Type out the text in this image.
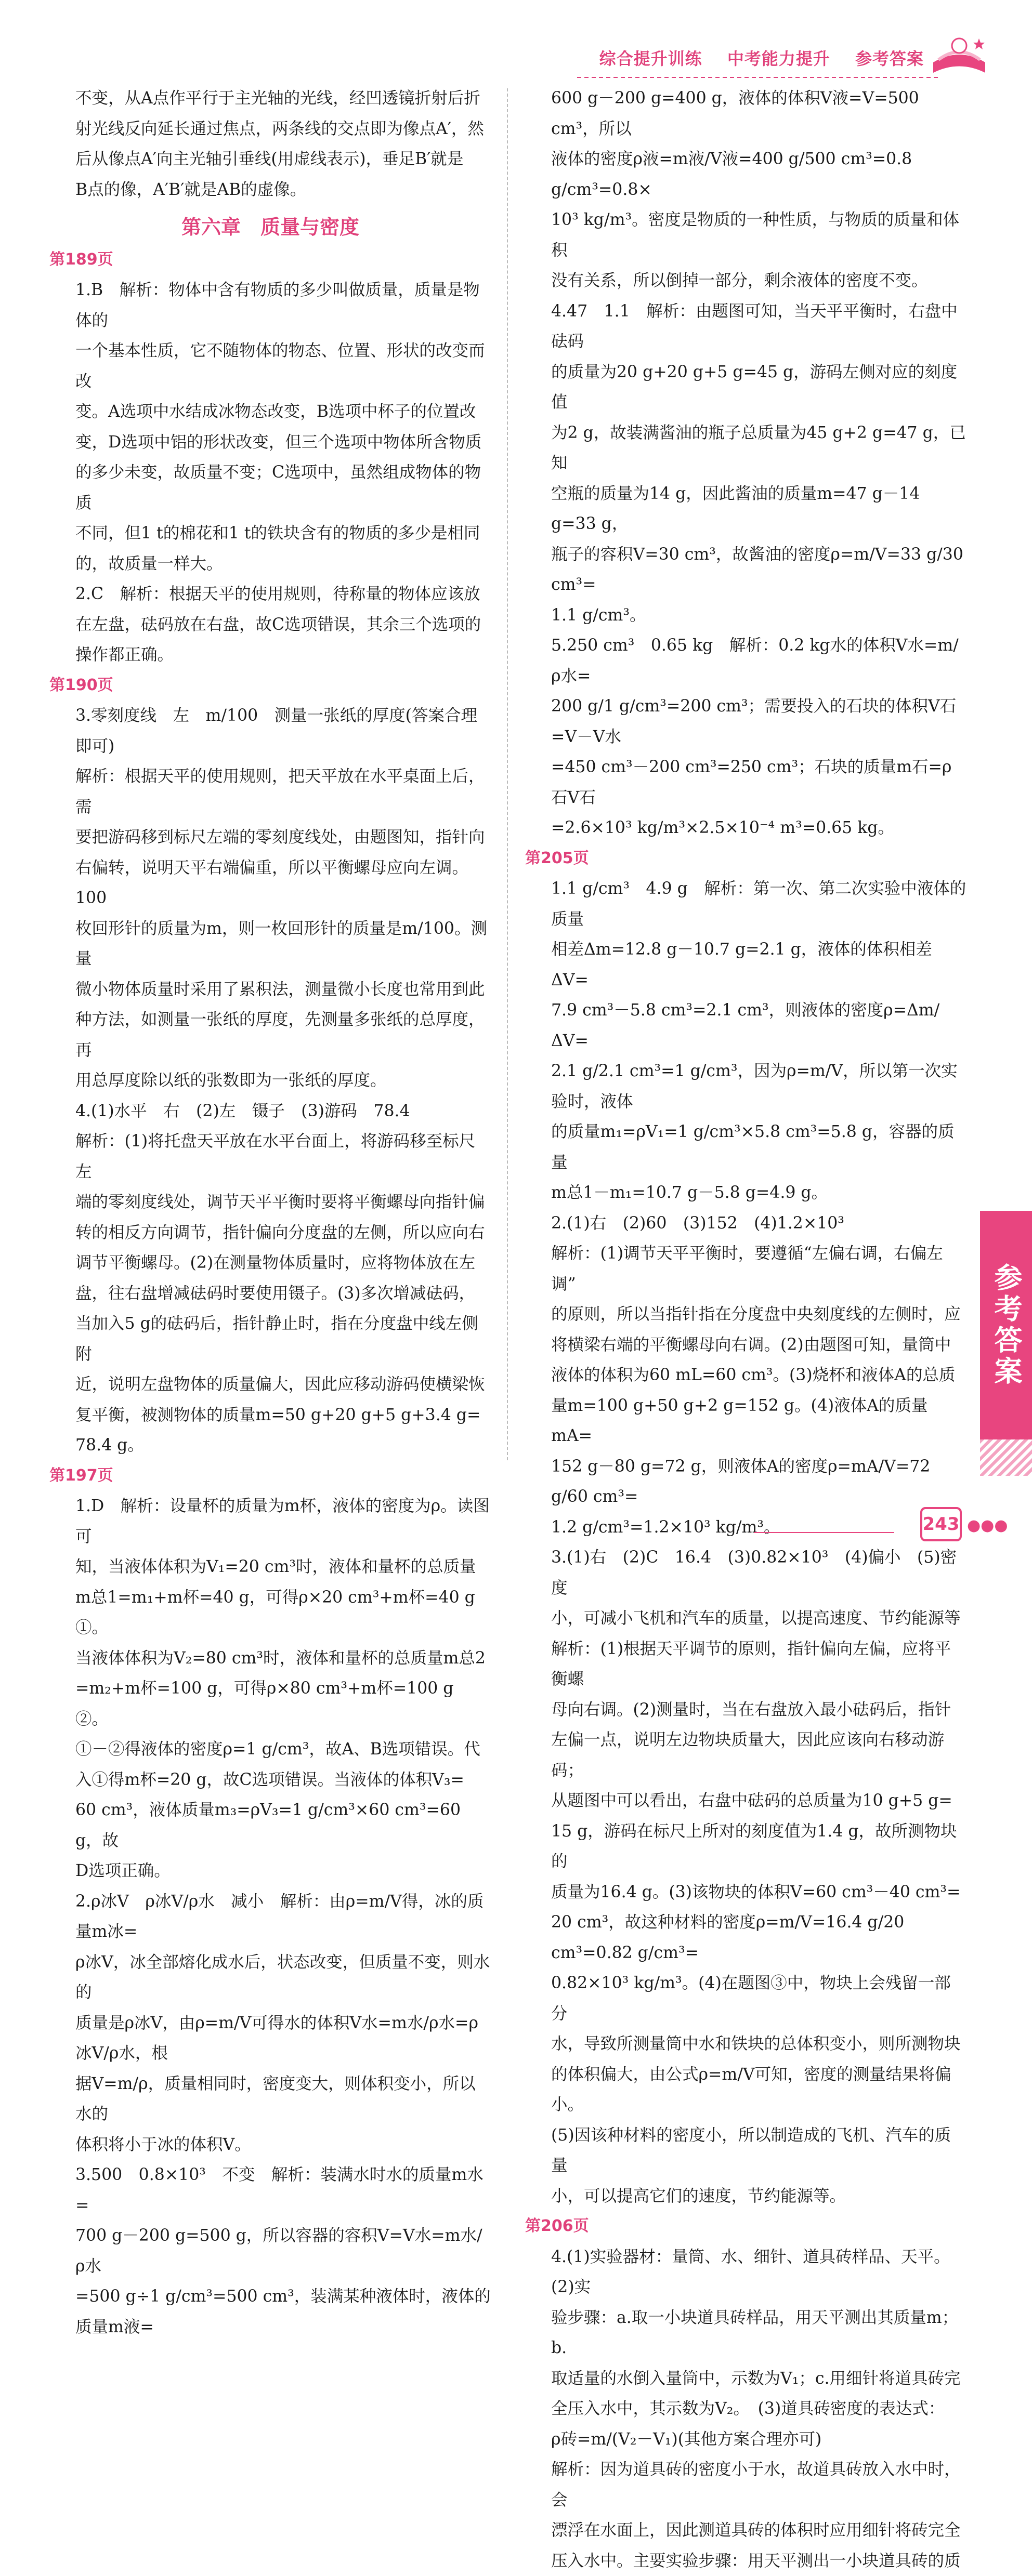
综合提升训练 中考能力提升 参考答案
不变，从A点作平行于主光轴的光线，经凹透镜折射后折
射光线反向延长通过焦点，两条线的交点即为像点A′，然
后从像点A′向主光轴引垂线(用虚线表示)，垂足B′就是
B点的像，A′B′就是AB的虚像。
第六章　质量与密度
第189页
1.B　解析：物体中含有物质的多少叫做质量，质量是物体的
一个基本性质，它不随物体的物态、位置、形状的改变而改
变。A选项中水结成冰物态改变，B选项中杯子的位置改
变，D选项中铝的形状改变，但三个选项中物体所含物质
的多少未变，故质量不变；C选项中，虽然组成物体的物质
不同，但1 t的棉花和1 t的铁块含有的物质的多少是相同
的，故质量一样大。
2.C　解析：根据天平的使用规则，待称量的物体应该放
在左盘，砝码放在右盘，故C选项错误，其余三个选项的
操作都正确。
第190页
3.零刻度线　左　m/100　测量一张纸的厚度(答案合理即可)
解析：根据天平的使用规则，把天平放在水平桌面上后，需
要把游码移到标尺左端的零刻度线处，由题图知，指针向
右偏转，说明天平右端偏重，所以平衡螺母应向左调。100
枚回形针的质量为m，则一枚回形针的质量是m/100。测量
微小物体质量时采用了累积法，测量微小长度也常用到此
种方法，如测量一张纸的厚度，先测量多张纸的总厚度，再
用总厚度除以纸的张数即为一张纸的厚度。
4.(1)水平　右　(2)左　镊子　(3)游码　78.4
解析：(1)将托盘天平放在水平台面上，将游码移至标尺左
端的零刻度线处，调节天平平衡时要将平衡螺母向指针偏
转的相反方向调节，指针偏向分度盘的左侧，所以应向右
调节平衡螺母。(2)在测量物体质量时，应将物体放在左
盘，往右盘增减砝码时要使用镊子。(3)多次增减砝码，
当加入5 g的砝码后，指针静止时，指在分度盘中线左侧附
近，说明左盘物体的质量偏大，因此应移动游码使横梁恢
复平衡，被测物体的质量m=50 g+20 g+5 g+3.4 g=
78.4 g。
第197页
1.D　解析：设量杯的质量为m杯，液体的密度为ρ。读图可
知，当液体体积为V₁=20 cm³时，液体和量杯的总质量
m总1=m₁+m杯=40 g，可得ρ×20 cm³+m杯=40 g　①。
当液体体积为V₂=80 cm³时，液体和量杯的总质量m总2
=m₂+m杯=100 g，可得ρ×80 cm³+m杯=100 g　②。
①－②得液体的密度ρ=1 g/cm³，故A、B选项错误。代
入①得m杯=20 g，故C选项错误。当液体的体积V₃=
60 cm³，液体质量m₃=ρV₃=1 g/cm³×60 cm³=60 g，故
D选项正确。
2.ρ冰V　ρ冰V/ρ水　减小　解析：由ρ=m/V得，冰的质量m冰=
ρ冰V，冰全部熔化成水后，状态改变，但质量不变，则水的
质量是ρ冰V，由ρ=m/V可得水的体积V水=m水/ρ水=ρ冰V/ρ水，根
据V=m/ρ，质量相同时，密度变大，则体积变小，所以水的
体积将小于冰的体积V。
3.500　0.8×10³　不变　解析：装满水时水的质量m水=
700 g－200 g=500 g，所以容器的容积V=V水=m水/ρ水
=500 g÷1 g/cm³=500 cm³，装满某种液体时，液体的质量m液=
600 g－200 g=400 g，液体的体积V液=V=500 cm³，所以
液体的密度ρ液=m液/V液=400 g/500 cm³=0.8 g/cm³=0.8×
10³ kg/m³。密度是物质的一种性质，与物质的质量和体积
没有关系，所以倒掉一部分，剩余液体的密度不变。
4.47　1.1　解析：由题图可知，当天平平衡时，右盘中砝码
的质量为20 g+20 g+5 g=45 g，游码左侧对应的刻度值
为2 g，故装满酱油的瓶子总质量为45 g+2 g=47 g，已知
空瓶的质量为14 g，因此酱油的质量m=47 g－14 g=33 g，
瓶子的容积V=30 cm³，故酱油的密度ρ=m/V=33 g/30 cm³=
1.1 g/cm³。
5.250 cm³　0.65 kg　解析：0.2 kg水的体积V水=m/ρ水=
200 g/1 g/cm³=200 cm³；需要投入的石块的体积V石=V－V水
=450 cm³－200 cm³=250 cm³；石块的质量m石=ρ石V石
=2.6×10³ kg/m³×2.5×10⁻⁴ m³=0.65 kg。
第205页
1.1 g/cm³　4.9 g　解析：第一次、第二次实验中液体的质量
相差Δm=12.8 g－10.7 g=2.1 g，液体的体积相差ΔV=
7.9 cm³－5.8 cm³=2.1 cm³，则液体的密度ρ=Δm/ΔV=
2.1 g/2.1 cm³=1 g/cm³，因为ρ=m/V，所以第一次实验时，液体
的质量m₁=ρV₁=1 g/cm³×5.8 cm³=5.8 g，容器的质量
m总1－m₁=10.7 g－5.8 g=4.9 g。
2.(1)右　(2)60　(3)152　(4)1.2×10³
解析：(1)调节天平平衡时，要遵循“左偏右调，右偏左调”
的原则，所以当指针指在分度盘中央刻度线的左侧时，应
将横梁右端的平衡螺母向右调。(2)由题图可知，量筒中
液体的体积为60 mL=60 cm³。(3)烧杯和液体A的总质
量m=100 g+50 g+2 g=152 g。(4)液体A的质量mA=
152 g－80 g=72 g，则液体A的密度ρ=mA/V=72 g/60 cm³=
1.2 g/cm³=1.2×10³ kg/m³。
3.(1)右　(2)C　16.4　(3)0.82×10³　(4)偏小　(5)密度
小，可减小飞机和汽车的质量，以提高速度、节约能源等
解析：(1)根据天平调节的原则，指针偏向左偏，应将平衡螺
母向右调。(2)测量时，当在右盘放入最小砝码后，指针
左偏一点，说明左边物块质量大，因此应该向右移动游码；
从题图中可以看出，右盘中砝码的总质量为10 g+5 g=
15 g，游码在标尺上所对的刻度值为1.4 g，故所测物块的
质量为16.4 g。(3)该物块的体积V=60 cm³－40 cm³=
20 cm³，故这种材料的密度ρ=m/V=16.4 g/20 cm³=0.82 g/cm³=
0.82×10³ kg/m³。(4)在题图③中，物块上会残留一部分
水，导致所测量筒中水和铁块的总体积变小，则所测物块
的体积偏大，由公式ρ=m/V可知，密度的测量结果将偏小。
(5)因该种材料的密度小，所以制造成的飞机、汽车的质量
小，可以提高它们的速度，节约能源等。
第206页
4.(1)实验器材：量筒、水、细针、道具砖样品、天平。　(2)实
验步骤：a.取一小块道具砖样品，用天平测出其质量m；b.
取适量的水倒入量筒中，示数为V₁；c.用细针将道具砖完
全压入水中，其示数为V₂。　(3)道具砖密度的表达式：
ρ砖=m/(V₂－V₁)(其他方案合理亦可)
解析：因为道具砖的密度小于水，故道具砖放入水中时，会
漂浮在水面上，因此测道具砖的体积时应用细针将砖完全
压入水中。主要实验步骤：用天平测出一小块道具砖的质
参考答案
243 ●●●
